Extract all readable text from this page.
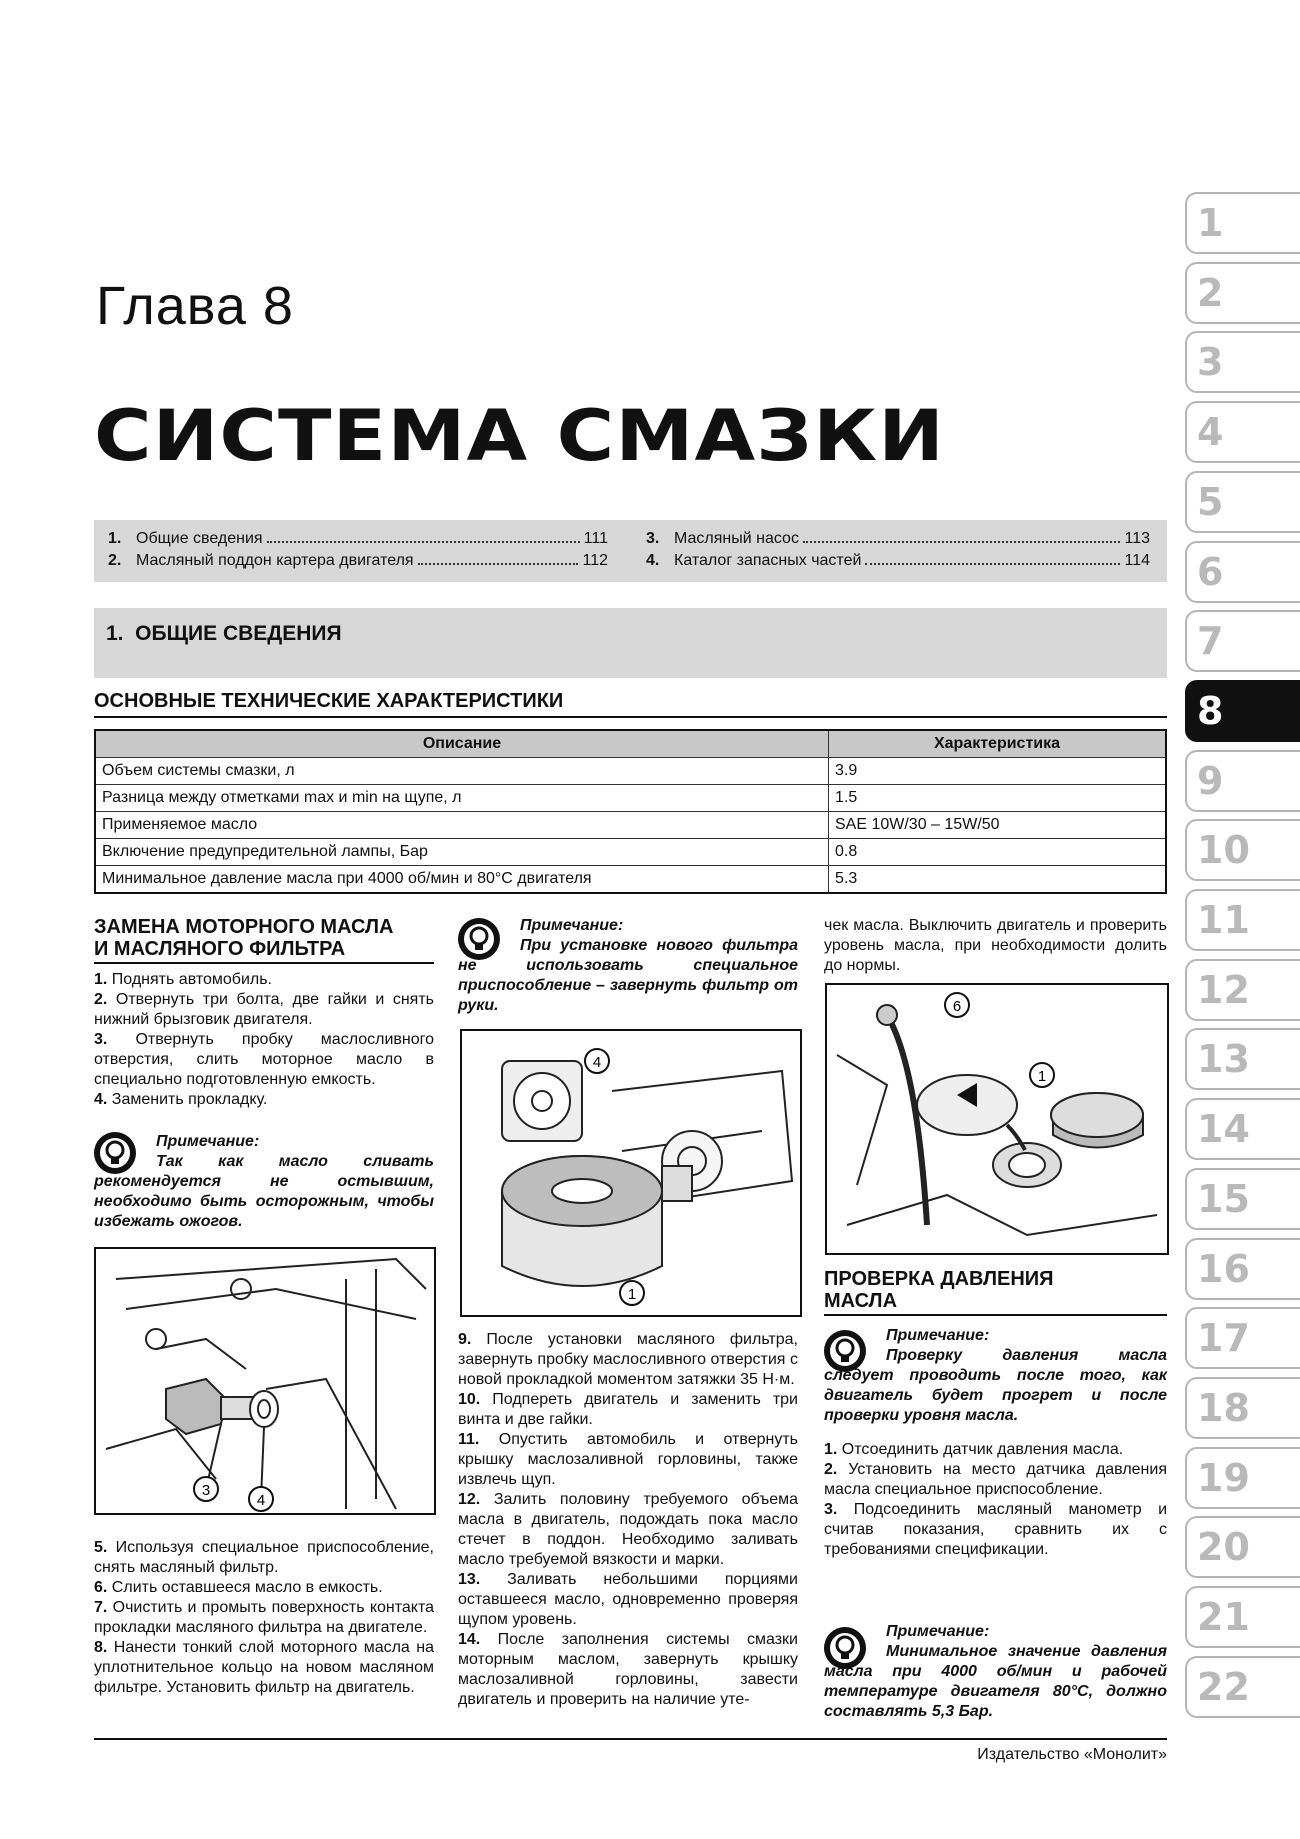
Глава 8
СИСТЕМА СМАЗКИ
1
2
3
4
5
6
7
8
9
10
11
12
13
14
15
16
17
18
19
20
21
22
1. Общие сведения	111
2. Масляный поддон картера двигателя	112
3. Масляный насос	113
4. Каталог запасных частей	114
1.  ОБЩИЕ СВЕДЕНИЯ
ОСНОВНЫЕ ТЕХНИЧЕСКИЕ ХАРАКТЕРИСТИКИ
Описание	Характеристика
Объем системы смазки, л	3.9
Разница между отметками max и min на щупе, л	1.5
Применяемое масло	SAE 10W/30 – 15W/50
Включение предупредительной лампы, Бар	0.8
Минимальное давление масла при 4000 об/мин и 80°С двигателя	5.3
ЗАМЕНА МОТОРНОГО МАСЛА
И МАСЛЯНОГО ФИЛЬТРА
1. Поднять автомобиль.
2. Отвернуть три болта, две гайки и снять нижний брызговик двигателя.
3. Отвернуть пробку маслосливного отверстия, слить моторное масло в специально подготовленную емкость.
4. Заменить прокладку.
Примечание:
Так как масло сливать рекомендуется не остывшим, необходимо быть осторожным, чтобы избежать ожогов.
3
4
5. Используя специальное приспособление, снять масляный фильтр.
6. Слить оставшееся масло в емкость.
7. Очистить и промыть поверхность контакта прокладки масляного фильтра на двигателе.
8. Нанести тонкий слой моторного масла на уплотнительное кольцо на новом масляном фильтре. Установить фильтр на двигатель.
Примечание:
При установке нового фильтра не использовать специальное приспособление – завернуть фильтр от руки.
4
1
9. После установки масляного фильтра, завернуть пробку маслосливного отверстия с новой прокладкой моментом затяжки 35 Н·м.
10. Подпереть двигатель и заменить три винта и две гайки.
11. Опустить автомобиль и отвернуть крышку маслозаливной горловины, также извлечь щуп.
12. Залить половину требуемого объема масла в двигатель, подождать пока масло стечет в поддон. Необходимо заливать масло требуемой вязкости и марки.
13. Заливать небольшими порциями оставшееся масло, одновременно проверяя щупом уровень.
14. После заполнения системы смазки моторным маслом, завернуть крышку маслозаливной горловины, завести двигатель и проверить на наличие уте-
чек масла. Выключить двигатель и проверить уровень масла, при необходимости долить до нормы.
6
1
ПРОВЕРКА ДАВЛЕНИЯ
МАСЛА
Примечание:
Проверку давления масла следует проводить после того, как двигатель будет прогрет и после проверки уровня масла.
1. Отсоединить датчик давления масла.
2. Установить на место датчика давления масла специальное приспособление.
3. Подсоединить масляный манометр и считав показания, сравнить их с требованиями спецификации.
Примечание:
Минимальное значение давления масла при 4000 об/мин и рабочей температуре двигателя 80°С, должно составлять 5,3 Бар.
Издательство «Монолит»
